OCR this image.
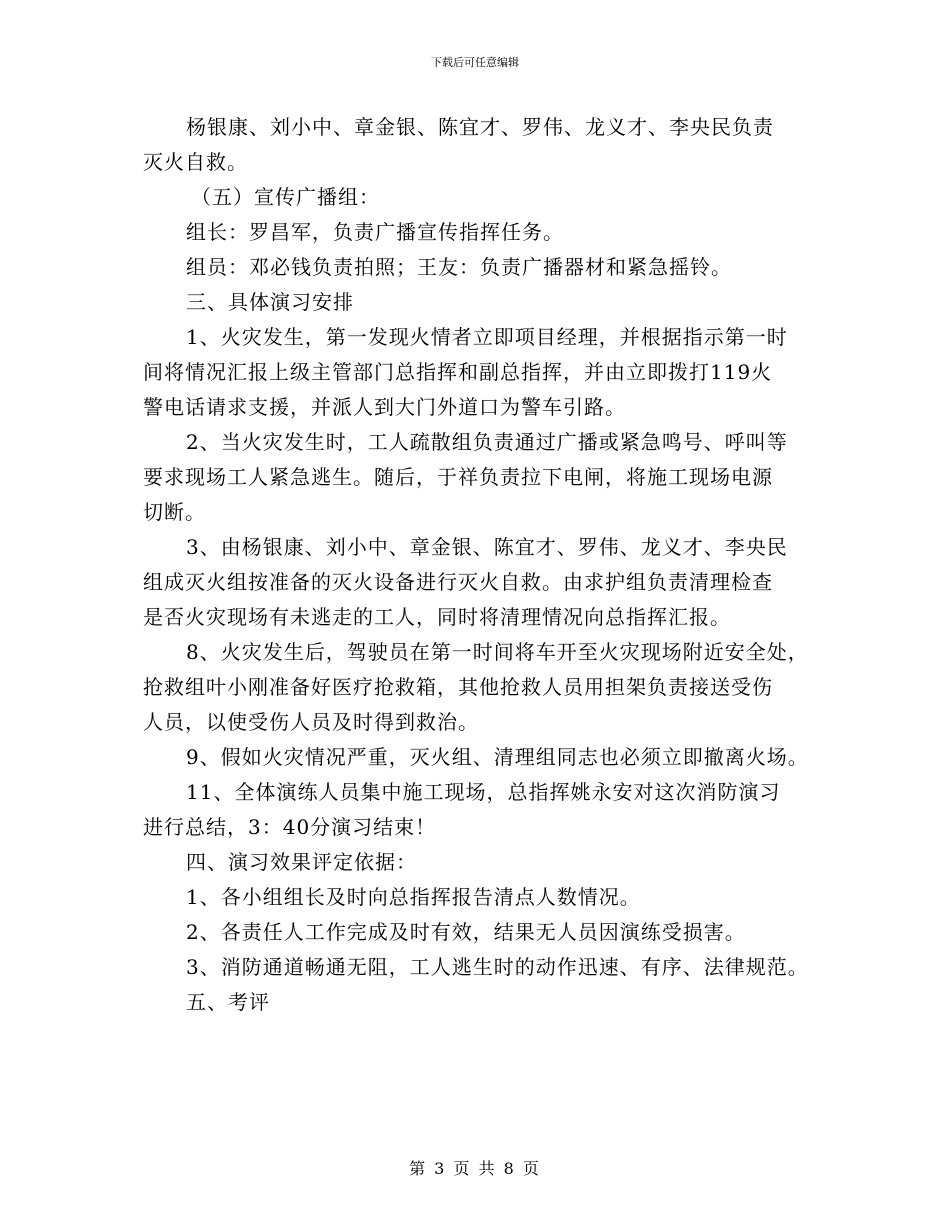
下载后可任意编辑
杨银康、刘小中、章金银、陈宜才、罗伟、龙义才、李央民负责
灭火自救。
（五）宣传广播组：
组长：罗昌军，负责广播宣传指挥任务。
组员：邓必钱负责拍照；王友：负责广播器材和紧急摇铃。
三、具体演习安排
1、火灾发生，第一发现火情者立即项目经理，并根据指示第一时
间将情况汇报上级主管部门总指挥和副总指挥，并由立即拨打119火
警电话请求支援，并派人到大门外道口为警车引路。
2、当火灾发生时，工人疏散组负责通过广播或紧急鸣号、呼叫等
要求现场工人紧急逃生。随后，于祥负责拉下电闸，将施工现场电源
切断。
3、由杨银康、刘小中、章金银、陈宜才、罗伟、龙义才、李央民
组成灭火组按准备的灭火设备进行灭火自救。由求护组负责清理检查
是否火灾现场有未逃走的工人，同时将清理情况向总指挥汇报。
8、火灾发生后，驾驶员在第一时间将车开至火灾现场附近安全处，
抢救组叶小刚准备好医疗抢救箱，其他抢救人员用担架负责接送受伤
人员，以使受伤人员及时得到救治。
9、假如火灾情况严重，灭火组、清理组同志也必须立即撤离火场。
11、全体演练人员集中施工现场，总指挥姚永安对这次消防演习
进行总结，3：40分演习结束！
四、演习效果评定依据：
1、各小组组长及时向总指挥报告清点人数情况。
2、各责任人工作完成及时有效，结果无人员因演练受损害。
3、消防通道畅通无阻，工人逃生时的动作迅速、有序、法律规范。
五、考评
第 3 页 共 8 页
